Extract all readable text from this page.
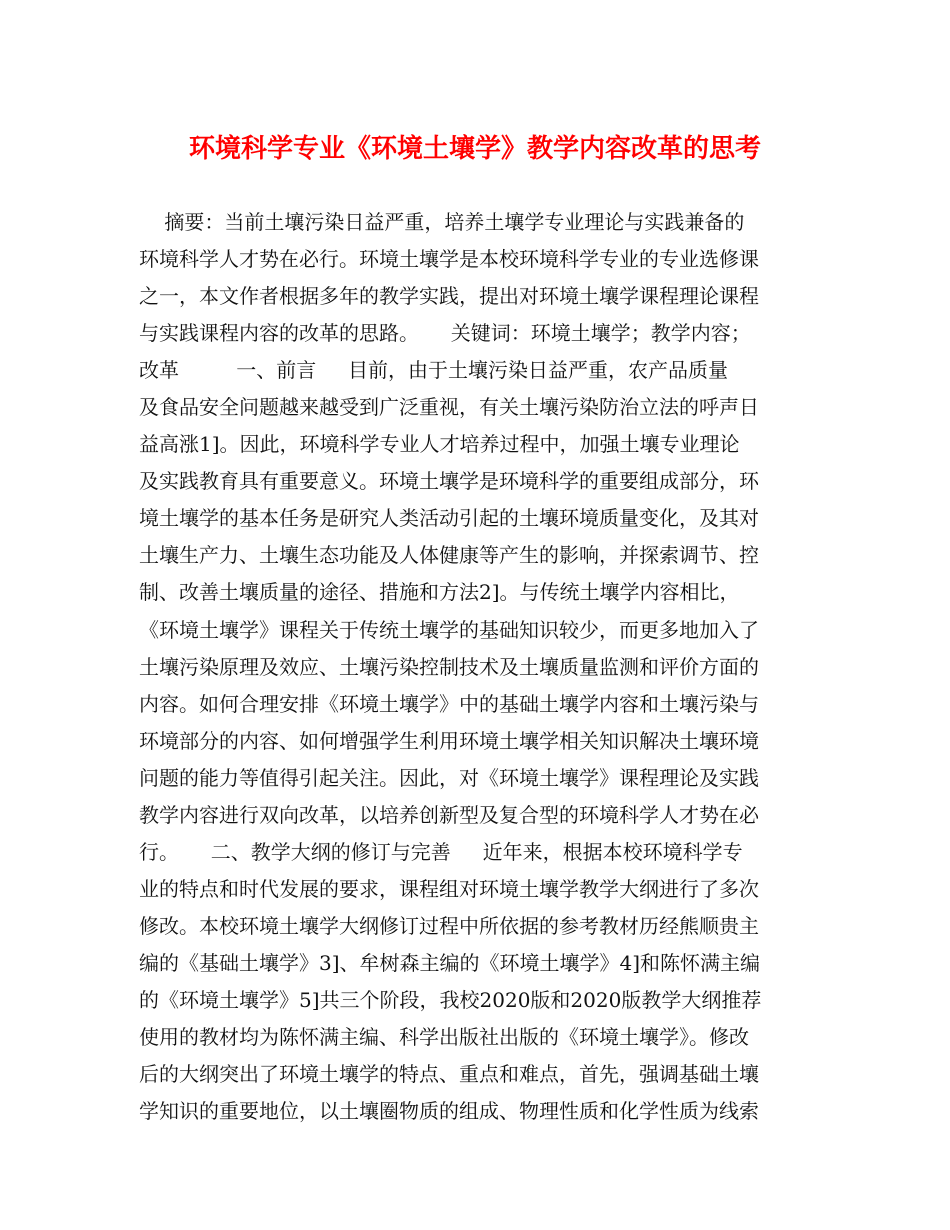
环境科学专业《环境土壤学》教学内容改革的思考
摘要：当前土壤污染日益严重，培养土壤学专业理论与实践兼备的
环境科学人才势在必行。环境土壤学是本校环境科学专业的专业选修课
之一，本文作者根据多年的教学实践，提出对环境土壤学课程理论课程
与实践课程内容的改革的思路。     关键词：环境土壤学；教学内容；
改革         一、前言     目前，由于土壤污染日益严重，农产品质量
及食品安全问题越来越受到广泛重视，有关土壤污染防治立法的呼声日
益高涨1]。因此，环境科学专业人才培养过程中，加强土壤专业理论
及实践教育具有重要意义。环境土壤学是环境科学的重要组成部分，环
境土壤学的基本任务是研究人类活动引起的土壤环境质量变化，及其对
土壤生产力、土壤生态功能及人体健康等产生的影响，并探索调节、控
制、改善土壤质量的途径、措施和方法2]。与传统土壤学内容相比，
《环境土壤学》课程关于传统土壤学的基础知识较少，而更多地加入了
土壤污染原理及效应、土壤污染控制技术及土壤质量监测和评价方面的
内容。如何合理安排《环境土壤学》中的基础土壤学内容和土壤污染与
环境部分的内容、如何增强学生利用环境土壤学相关知识解决土壤环境
问题的能力等值得引起关注。因此，对《环境土壤学》课程理论及实践
教学内容进行双向改革，以培养创新型及复合型的环境科学人才势在必
行。     二、教学大纲的修订与完善     近年来，根据本校环境科学专
业的特点和时代发展的要求，课程组对环境土壤学教学大纲进行了多次
修改。本校环境土壤学大纲修订过程中所依据的参考教材历经熊顺贵主
编的《基础土壤学》3]、牟树森主编的《环境土壤学》4]和陈怀满主编
的《环境土壤学》5]共三个阶段，我校2020版和2020版教学大纲推荐
使用的教材均为陈怀满主编、科学出版社出版的《环境土壤学》。修改
后的大纲突出了环境土壤学的特点、重点和难点，首先，强调基础土壤
学知识的重要地位，以土壤圈物质的组成、物理性质和化学性质为线索
